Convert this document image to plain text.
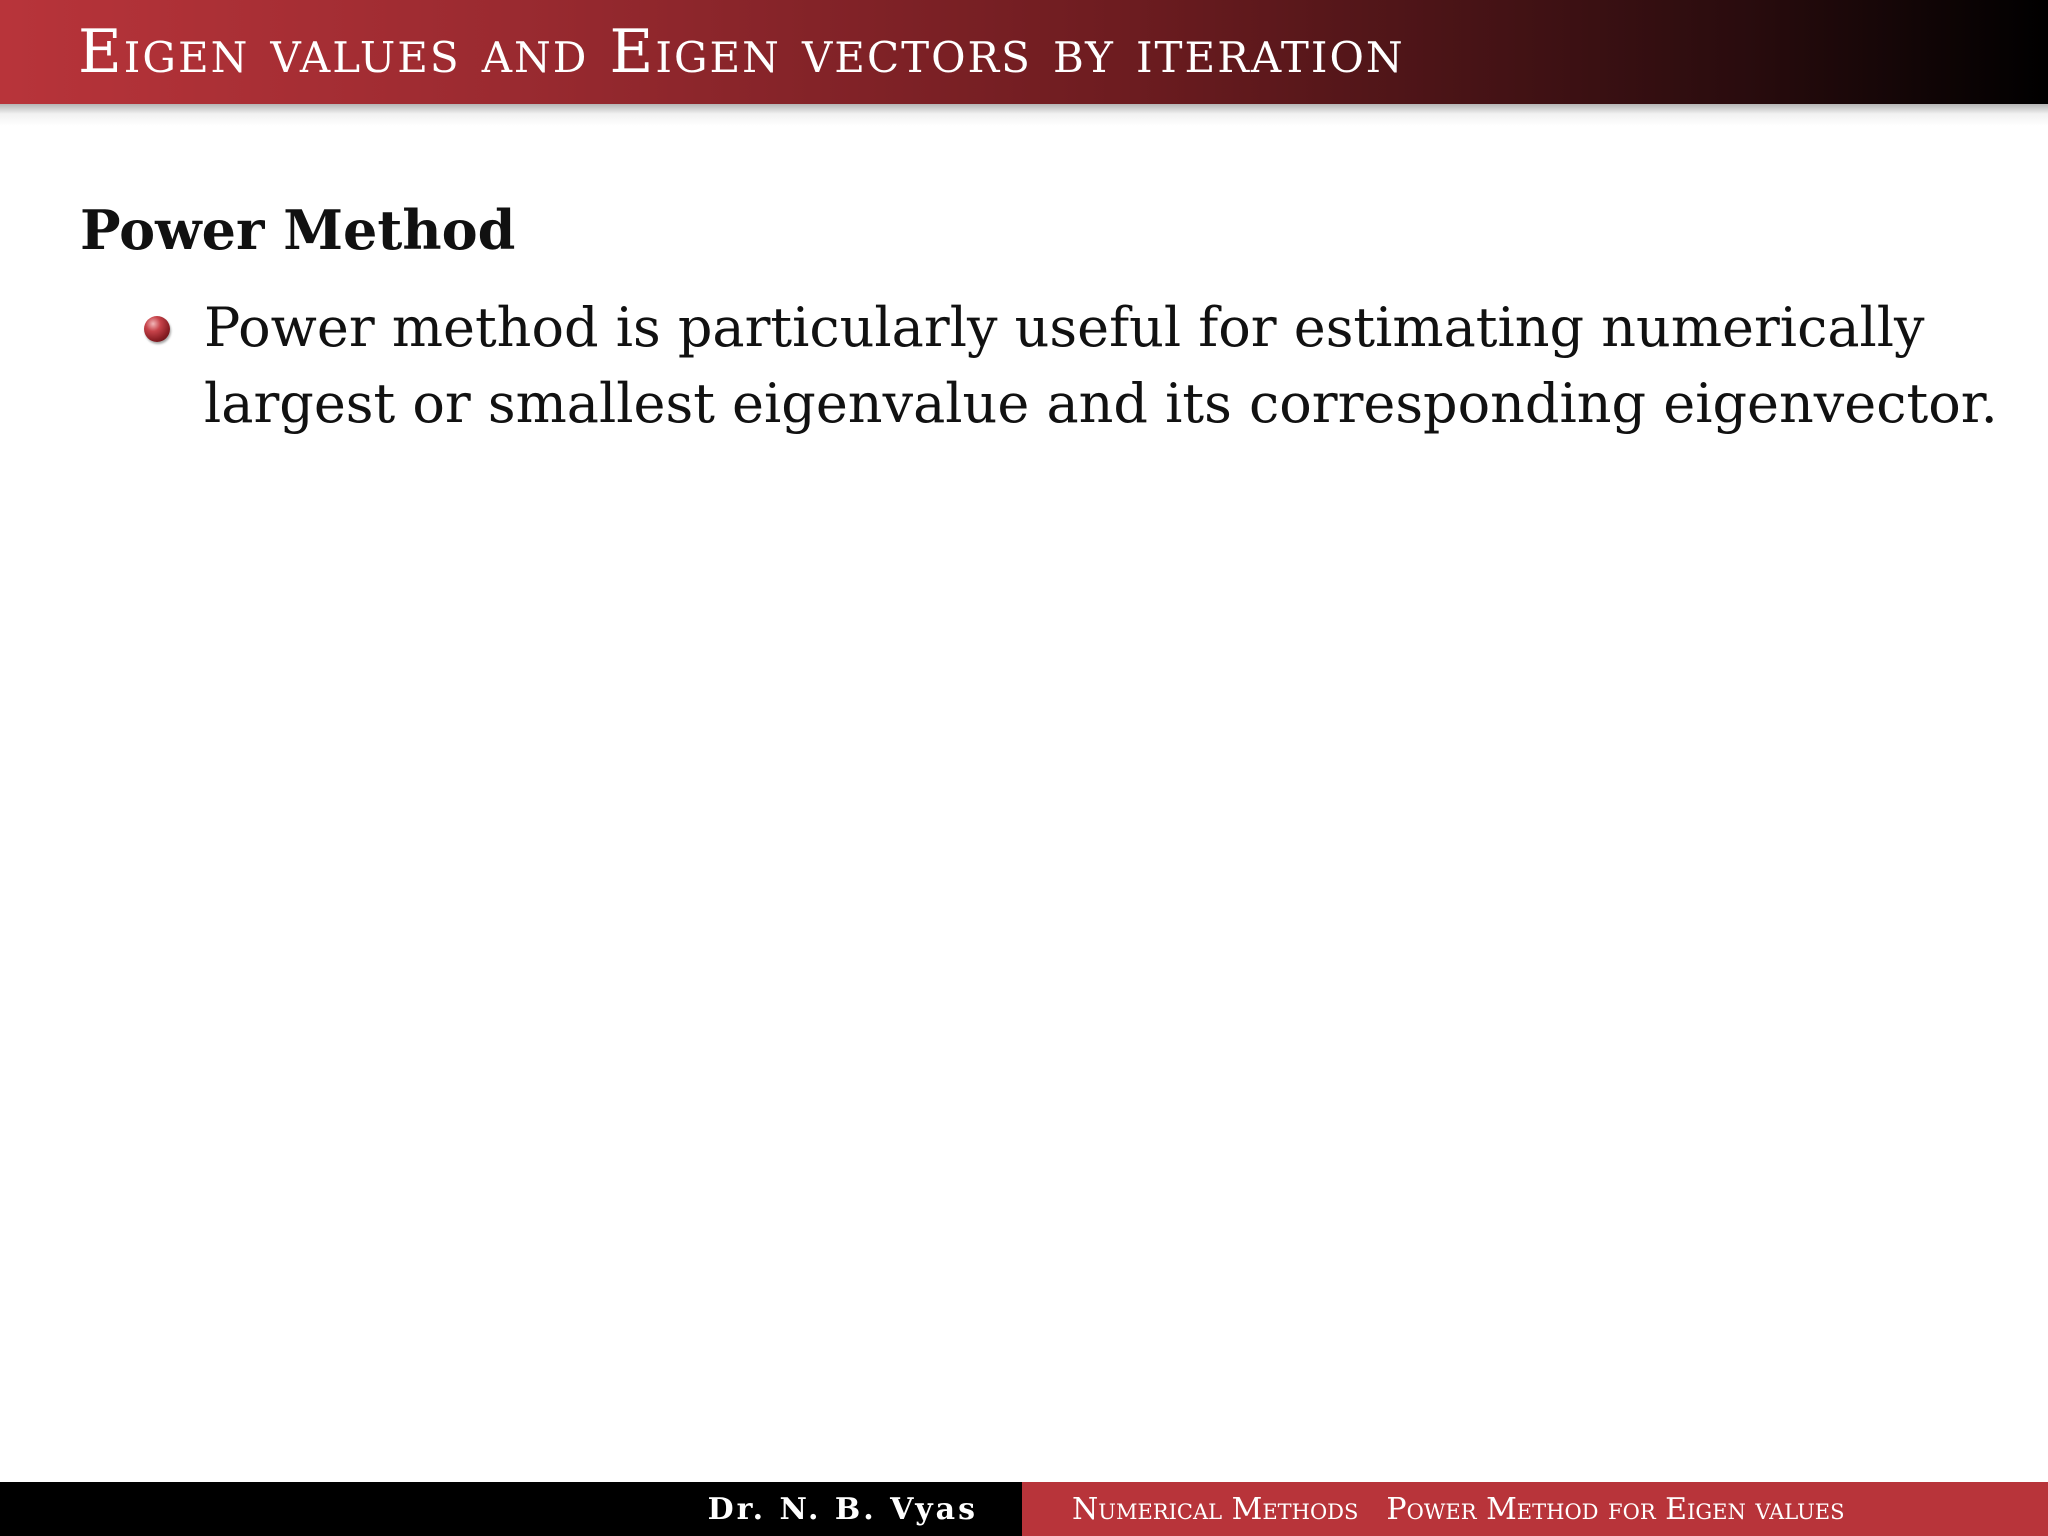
Eigen values and Eigen vectors by iteration
Power Method
Power method is particularly useful for estimating numerically largest or smallest eigenvalue and its corresponding eigenvector.
Dr. N. B. Vyas	Numerical Methods Power Method for Eigen values
